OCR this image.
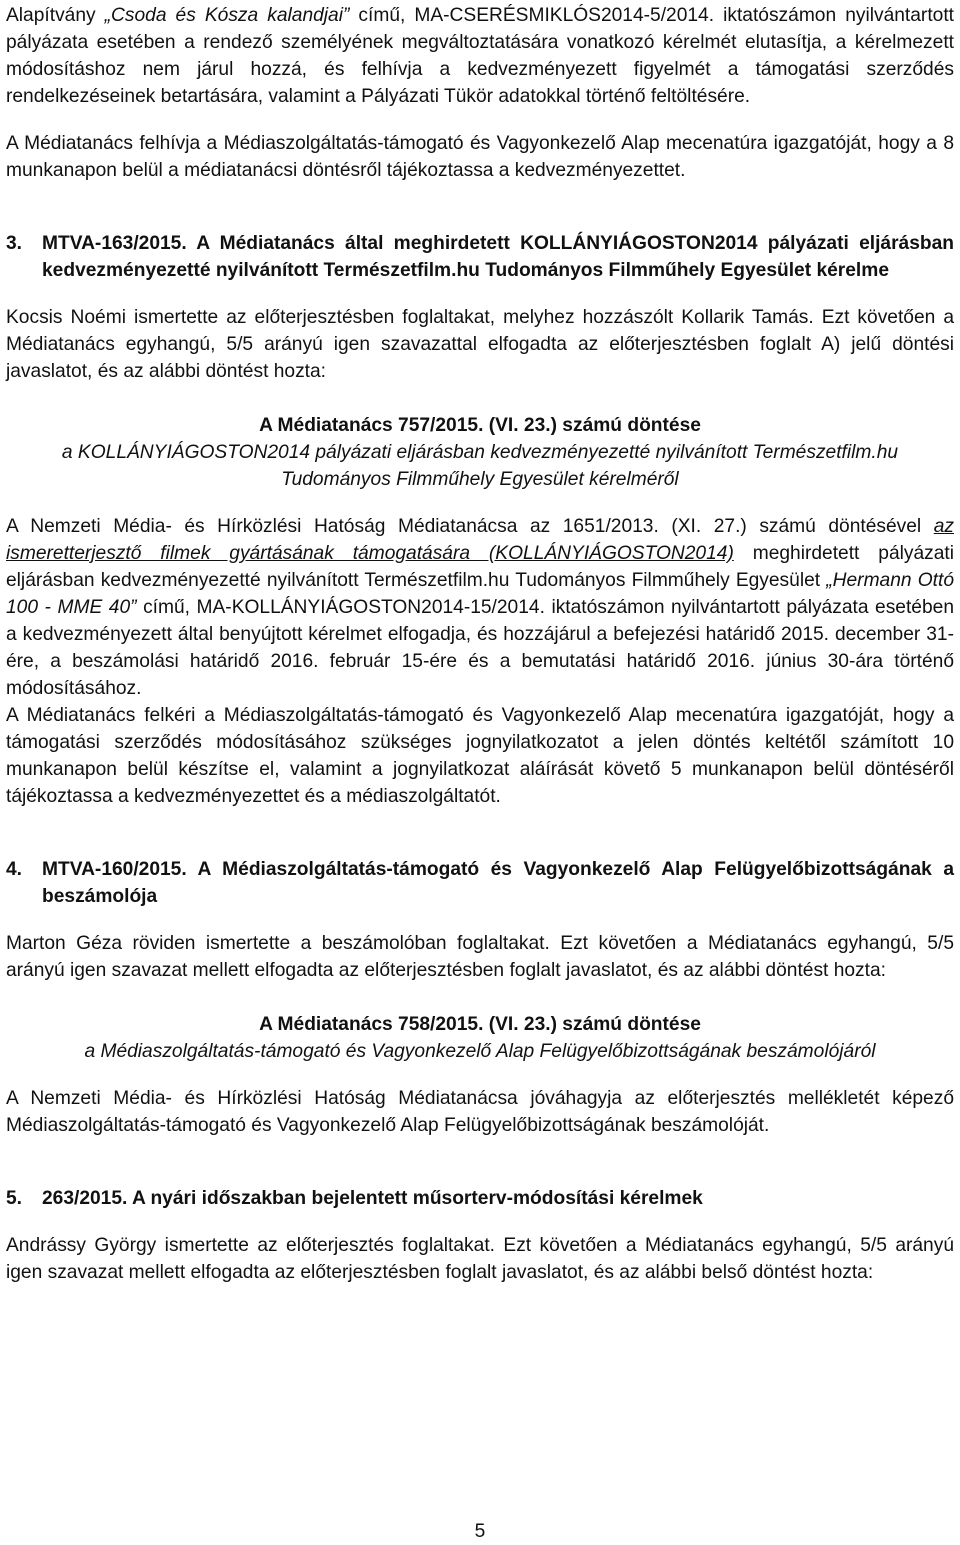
Alapítvány „Csoda és Kósza kalandjai” című, MA-CSERÉSMIKLÓS2014-5/2014. iktatószámon nyilvántartott pályázata esetében a rendező személyének megváltoztatására vonatkozó kérelmét elutasítja, a kérelmezett módosításhoz nem járul hozzá, és felhívja a kedvezményezett figyelmét a támogatási szerződés rendelkezéseinek betartására, valamint a Pályázati Tükör adatokkal történő feltöltésére.

A Médiatanács felhívja a Médiaszolgáltatás-támogató és Vagyonkezelő Alap mecenatúra igazgatóját, hogy a 8 munkanapon belül a médiatanácsi döntésről tájékoztassa a kedvezményezettet.

3.	MTVA-163/2015. A Médiatanács által meghirdetett KOLLÁNYIÁGOSTON2014 pályázati eljárásban kedvezményezetté nyilvánított Természetfilm.hu Tudományos Filmműhely Egyesület kérelme

Kocsis Noémi ismertette az előterjesztésben foglaltakat, melyhez hozzászólt Kollarik Tamás. Ezt követően a Médiatanács egyhangú, 5/5 arányú igen szavazattal elfogadta az előterjesztésben foglalt A) jelű döntési javaslatot, és az alábbi döntést hozta:

A Médiatanács 757/2015. (VI. 23.) számú döntése

a KOLLÁNYIÁGOSTON2014 pályázati eljárásban kedvezményezetté nyilvánított Természetfilm.hu Tudományos Filmműhely Egyesület kérelméről

A Nemzeti Média- és Hírközlési Hatóság Médiatanácsa az 1651/2013. (XI. 27.) számú döntésével az ismeretterjesztő filmek gyártásának támogatására (KOLLÁNYIÁGOSTON2014) meghirdetett pályázati eljárásban kedvezményezetté nyilvánított Természetfilm.hu Tudományos Filmműhely Egyesület „Hermann Ottó 100 - MME 40” című, MA-KOLLÁNYIÁGOSTON2014-15/2014. iktatószámon nyilvántartott pályázata esetében a kedvezményezett által benyújtott kérelmet elfogadja, és hozzájárul a befejezési határidő 2015. december 31-ére, a beszámolási határidő 2016. február 15-ére és a bemutatási határidő 2016. június 30-ára történő módosításához.

A Médiatanács felkéri a Médiaszolgáltatás-támogató és Vagyonkezelő Alap mecenatúra igazgatóját, hogy a támogatási szerződés módosításához szükséges jognyilatkozatot a jelen döntés keltétől számított 10 munkanapon belül készítse el, valamint a jognyilatkozat aláírását követő 5 munkanapon belül döntéséről tájékoztassa a kedvezményezettet és a médiaszolgáltatót.

4.	MTVA-160/2015. A Médiaszolgáltatás-támogató és Vagyonkezelő Alap Felügyelőbizottságának a beszámolója

Marton Géza röviden ismertette a beszámolóban foglaltakat. Ezt követően a Médiatanács egyhangú, 5/5 arányú igen szavazat mellett elfogadta az előterjesztésben foglalt javaslatot, és az alábbi döntést hozta:

A Médiatanács 758/2015. (VI. 23.) számú döntése

a Médiaszolgáltatás-támogató és Vagyonkezelő Alap Felügyelőbizottságának beszámolójáról

A Nemzeti Média- és Hírközlési Hatóság Médiatanácsa jóváhagyja az előterjesztés mellékletét képező Médiaszolgáltatás-támogató és Vagyonkezelő Alap Felügyelőbizottságának beszámolóját.

5.	263/2015. A nyári időszakban bejelentett műsorterv-módosítási kérelmek

Andrássy György ismertette az előterjesztés foglaltakat. Ezt követően a Médiatanács egyhangú, 5/5 arányú igen szavazat mellett elfogadta az előterjesztésben foglalt javaslatot, és az alábbi belső döntést hozta:

5
